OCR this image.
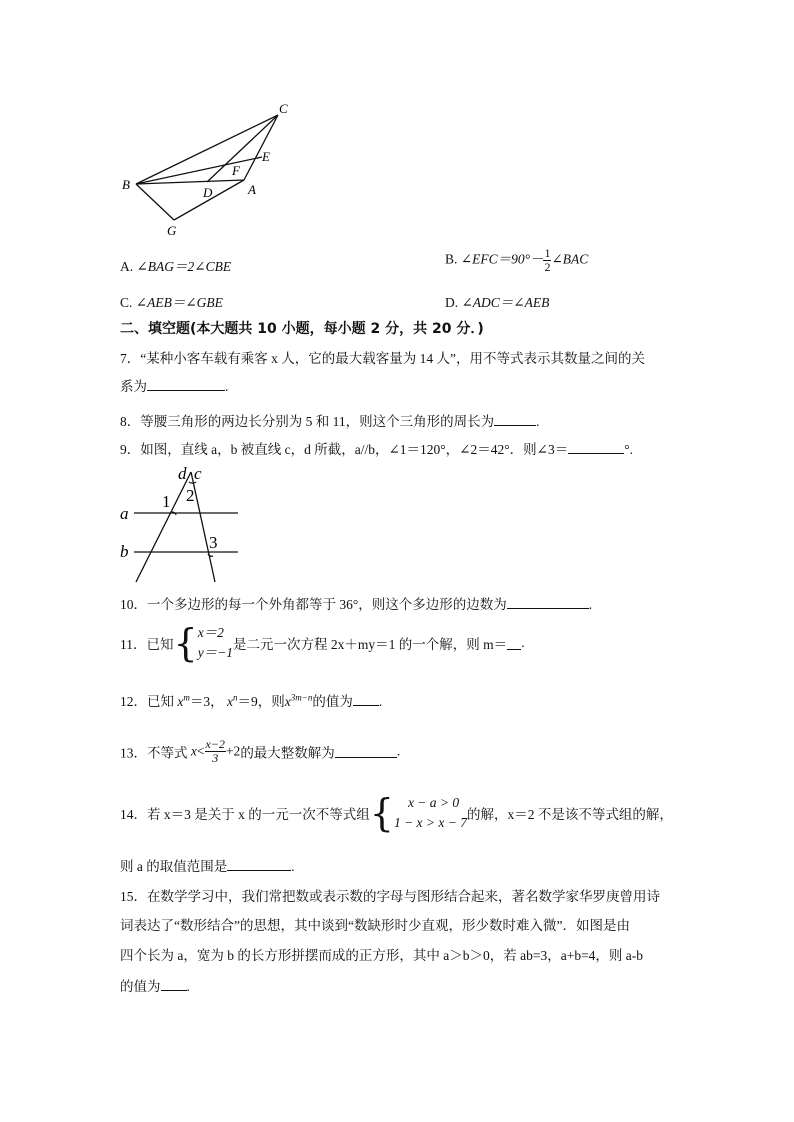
C
E
F
B
D	A
G
A. ∠BAG＝2∠CBE	B. ∠EFC＝90°－ $\frac{1}{2}$ ∠BAC
C. ∠AEB＝∠GBE	D. ∠ADC＝∠AEB
二、填空题(本大题共 10 小题，每小题 2 分，共 20 分．)
7．“某种小客车载有乘客 x 人，它的最大载客量为 14 人”，用不等式表示其数量之间的关
系为	.
8．等腰三角形的两边长分别为 5 和 11，则这个三角形的周长为	.
9．如图，直线 a，b 被直线 c，d 所截，a//b，∠1＝120°，∠2＝42°．则∠3＝	°.
d c
1 2
a
b	3
10．一个多边形的每一个外角都等于 36°，则这个多边形的边数为	.
11．已知{ x＝2
y＝−1
是二元一次方程 2x＋my＝1 的一个解，则 m＝ .
12．已知 $x^m=3$， $x^n=9$，则$x^{3m-n}$的值为 .
13．不等式 $x< \frac{x-2}{3} +2$的最大整数解为	.
14．若 x＝3 是关于 x 的一元一次不等式组{	x − a > 0
1 − x > x − 7
的解，x＝2 不是该不等式组的解，
则 a 的取值范围是	.
15．在数学学习中，我们常把数或表示数的字母与图形结合起来，著名数学家华罗庚曾用诗
词表达了“数形结合”的思想，其中谈到“数缺形时少直观，形少数时难入微”．如图是由
四个长为 a，宽为 b 的长方形拼摆而成的正方形，其中 a＞b＞0，若 ab=3，a+b=4，则 a-b
的值为 .
